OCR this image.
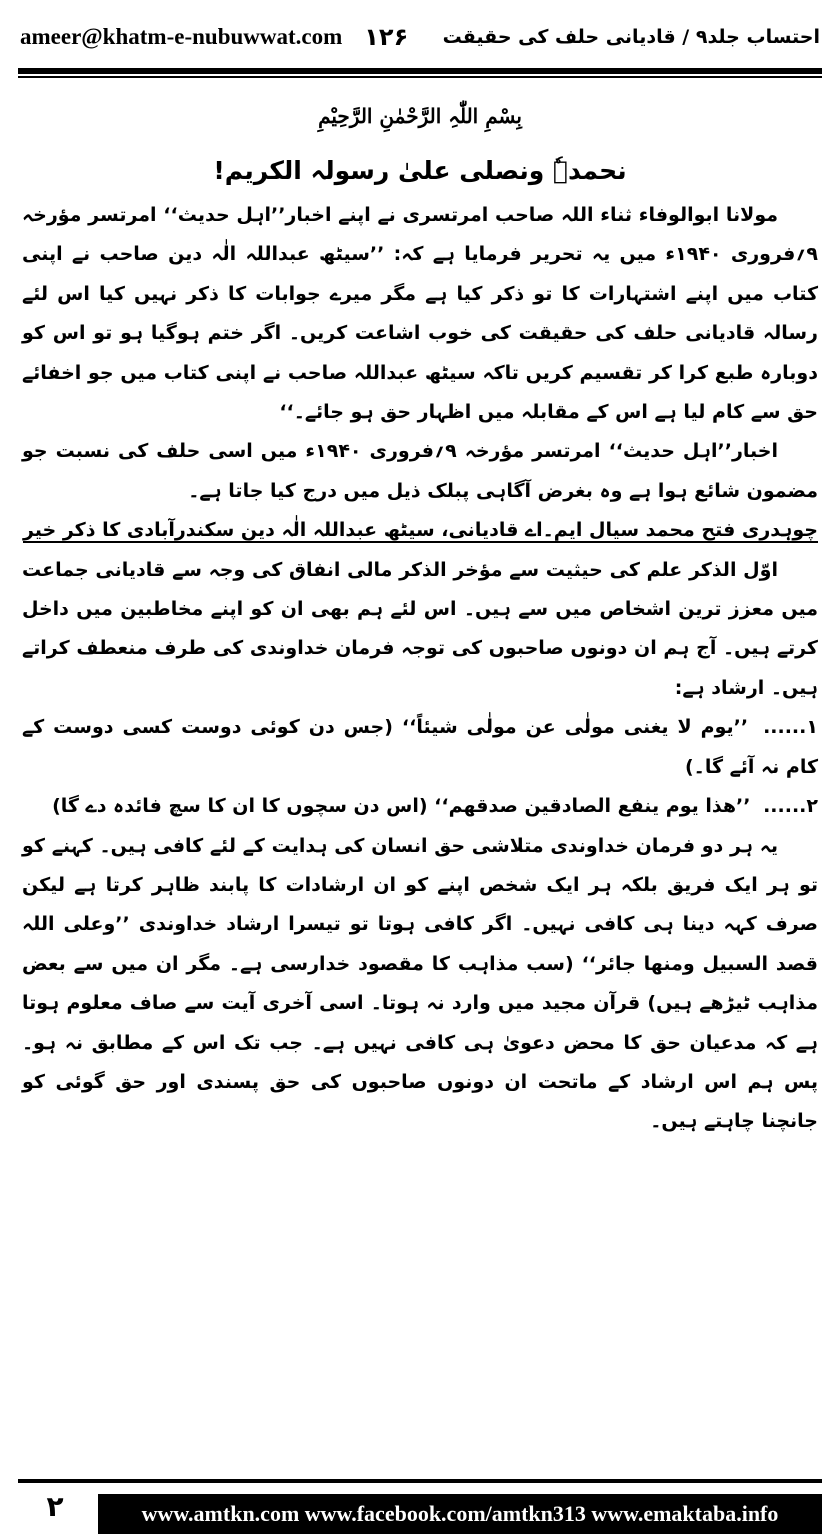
ameer@khatm-e-nubuwwat.com ۱۲۶ احتساب جلد۹ / قادیانی حلف کی حقیقت
بِسْمِ اللّٰہِ الرَّحْمٰنِ الرَّحِیْمِ
نحمدہٗ ونصلی علیٰ رسولہ الکریم!

مولانا ابوالوفاء ثناء اللہ صاحب امرتسری نے اپنے اخبار’’اہل حدیث‘‘ امرتسر مؤرخہ ۹؍فروری ۱۹۴۰ء میں یہ تحریر فرمایا ہے کہ: ’’سیٹھ عبداللہ الٰہ دین صاحب نے اپنی کتاب میں اپنے اشتہارات کا تو ذکر کیا ہے مگر میرے جوابات کا ذکر نہیں کیا اس لئے رسالہ قادیانی حلف کی حقیقت کی خوب اشاعت کریں۔ اگر ختم ہوگیا ہو تو اس کو دوبارہ طبع کرا کر تقسیم کریں تاکہ سیٹھ عبداللہ صاحب نے اپنی کتاب میں جو اخفائے حق سے کام لیا ہے اس کے مقابلہ میں اظہار حق ہو جائے۔‘‘

اخبار’’اہل حدیث‘‘ امرتسر مؤرخہ ۹؍فروری ۱۹۴۰ء میں اسی حلف کی نسبت جو مضمون شائع ہوا ہے وہ بغرض آگاہی پبلک ذیل میں درج کیا جاتا ہے۔

چوہدری فتح محمد سیال ایم۔اے قادیانی، سیٹھ عبداللہ الٰہ دین سکندرآبادی کا ذکر خیر

اوّل الذکر علم کی حیثیت سے مؤخر الذکر مالی انفاق کی وجہ سے قادیانی جماعت میں معزز ترین اشخاص میں سے ہیں۔ اس لئے ہم بھی ان کو اپنے مخاطبین میں داخل کرتے ہیں۔ آج ہم ان دونوں صاحبوں کی توجہ فرمان خداوندی کی طرف منعطف کراتے ہیں۔ ارشاد ہے:

۱...... ’’یوم لا یغنی مولٰی عن مولٰی شیئاً‘‘ (جس دن کوئی دوست کسی دوست کے کام نہ آئے گا۔)

۲...... ’’ھذا یوم ینفع الصادقین صدقھم‘‘ (اس دن سچوں کا ان کا سچ فائدہ دے گا)

یہ ہر دو فرمان خداوندی متلاشی حق انسان کی ہدایت کے لئے کافی ہیں۔ کہنے کو تو ہر ایک فریق بلکہ ہر ایک شخص اپنے کو ان ارشادات کا پابند ظاہر کرتا ہے لیکن صرف کہہ دینا ہی کافی نہیں۔ اگر کافی ہوتا تو تیسرا ارشاد خداوندی ’’وعلی اللہ قصد السبیل ومنھا جائر‘‘ (سب مذاہب کا مقصود خدارسی ہے۔ مگر ان میں سے بعض مذاہب ٹیڑھے ہیں) قرآن مجید میں وارد نہ ہوتا۔ اسی آخری آیت سے صاف معلوم ہوتا ہے کہ مدعیان حق کا محض دعویٰ ہی کافی نہیں ہے۔ جب تک اس کے مطابق نہ ہو۔ پس ہم اس ارشاد کے ماتحت ان دونوں صاحبوں کی حق پسندی اور حق گوئی کو جانچنا چاہتے ہیں۔

۲	www.amtkn.com www.facebook.com/amtkn313 www.emaktaba.info
